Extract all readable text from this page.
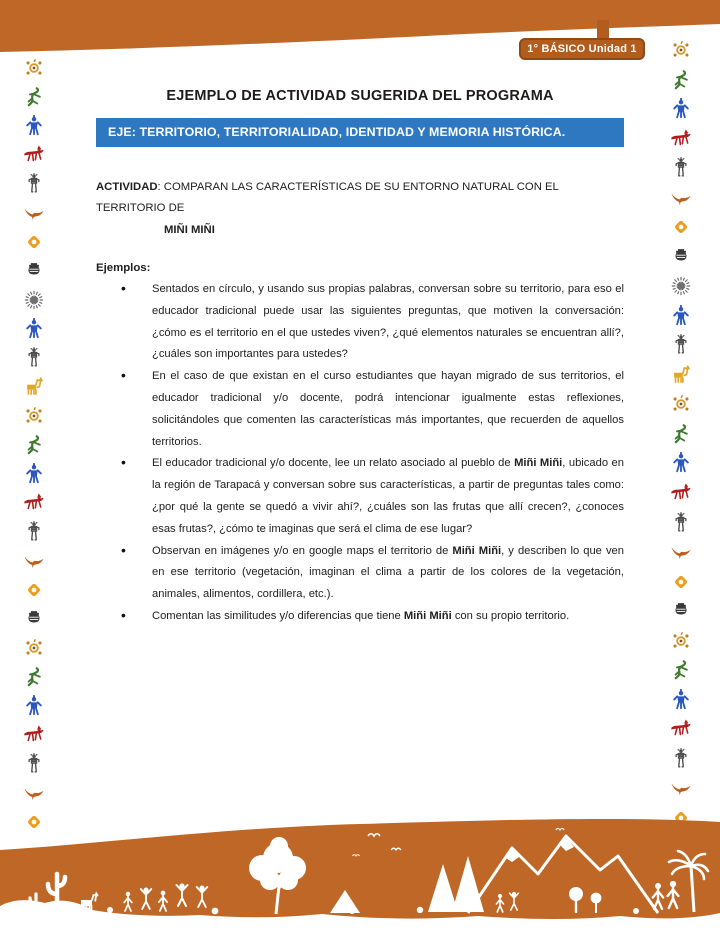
1° BÁSICO Unidad 1
EJEMPLO DE ACTIVIDAD SUGERIDA DEL PROGRAMA
EJE: TERRITORIO, TERRITORIALIDAD, IDENTIDAD Y MEMORIA HISTÓRICA.

ACTIVIDAD: COMPARAN LAS CARACTERÍSTICAS DE SU ENTORNO NATURAL CON EL TERRITORIO DE
MIÑI MIÑI

Ejemplos:
• Sentados en círculo, y usando sus propias palabras, conversan sobre su territorio, para eso el educador tradicional puede usar las siguientes preguntas, que motiven la conversación: ¿cómo es el territorio en el que ustedes viven?, ¿qué elementos naturales se encuentran allí?, ¿cuáles son importantes para ustedes?
• En el caso de que existan en el curso estudiantes que hayan migrado de sus territorios, el educador tradicional y/o docente, podrá intencionar igualmente estas reflexiones, solicitándoles que comenten las características más importantes, que recuerden de aquellos territorios.
• El educador tradicional y/o docente, lee un relato asociado al pueblo de Miñi Miñi, ubicado en la región de Tarapacá y conversan sobre sus características, a partir de preguntas tales como: ¿por qué la gente se quedó a vivir ahí?, ¿cuáles son las frutas que allí crecen?, ¿conoces esas frutas?, ¿cómo te imaginas que será el clima de ese lugar?
• Observan en imágenes y/o en google maps el territorio de Miñi Miñi, y describen lo que ven en ese territorio (vegetación, imaginan el clima a partir de los colores de la vegetación, animales, alimentos, cordillera, etc.).
• Comentan las similitudes y/o diferencias que tiene Miñi Miñi con su propio territorio.
